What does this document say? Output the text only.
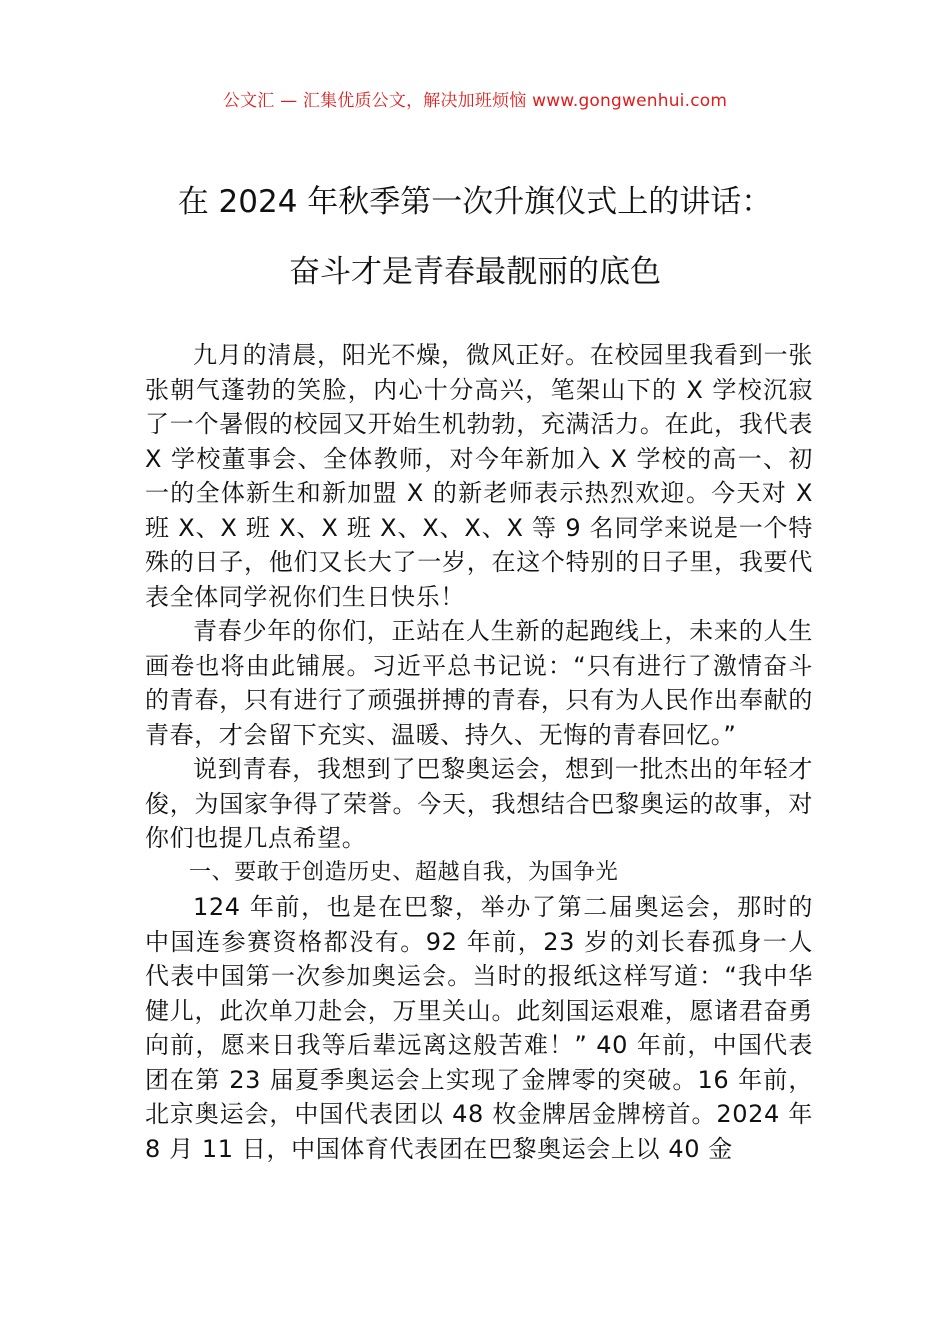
公文汇 — 汇集优质公文，解决加班烦恼 www.gongwenhui.com
在 2024 年秋季第一次升旗仪式上的讲话：
奋斗才是青春最靓丽的底色

九月的清晨，阳光不燥，微风正好。在校园里我看到一张张朝气蓬勃的笑脸，内心十分高兴，笔架山下的 X 学校沉寂了一个暑假的校园又开始生机勃勃，充满活力。在此，我代表 X 学校董事会、全体教师，对今年新加入 X 学校的高一、初一的全体新生和新加盟 X 的新老师表示热烈欢迎。今天对 X 班 X、X 班 X、X 班 X、X、X、X 等 9 名同学来说是一个特殊的日子，他们又长大了一岁，在这个特别的日子里，我要代表全体同学祝你们生日快乐！

青春少年的你们，正站在人生新的起跑线上，未来的人生画卷也将由此铺展。习近平总书记说：“只有进行了激情奋斗的青春，只有进行了顽强拼搏的青春，只有为人民作出奉献的青春，才会留下充实、温暖、持久、无悔的青春回忆。”

说到青春，我想到了巴黎奥运会，想到一批杰出的年轻才俊，为国家争得了荣誉。今天，我想结合巴黎奥运的故事，对你们也提几点希望。

一、要敢于创造历史、超越自我，为国争光

124 年前，也是在巴黎，举办了第二届奥运会，那时的中国连参赛资格都没有。92 年前，23 岁的刘长春孤身一人代表中国第一次参加奥运会。当时的报纸这样写道：“我中华健儿，此次单刀赴会，万里关山。此刻国运艰难，愿诸君奋勇向前，愿来日我等后辈远离这般苦难！” 40 年前，中国代表团在第 23 届夏季奥运会上实现了金牌零的突破。16 年前，北京奥运会，中国代表团以 48 枚金牌居金牌榜首。2024 年 8 月 11 日，中国体育代表团在巴黎奥运会上以 40 金
